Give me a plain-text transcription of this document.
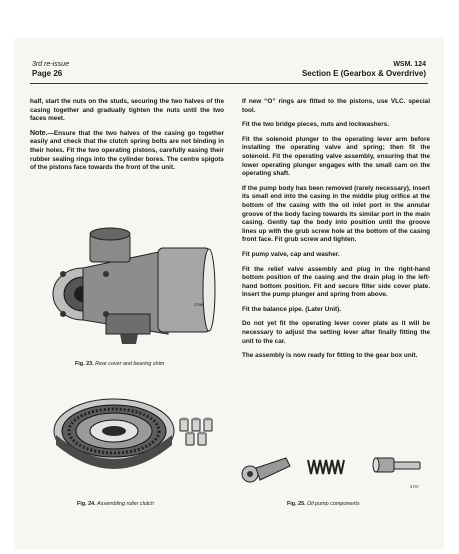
3rd re-issue
Page 26
WSM. 124
Section E (Gearbox & Overdrive)

half, start the nuts on the studs, securing the two halves of the casing together and gradually tighten the nuts until the two faces meet.

Note.—Ensure that the two halves of the casing go together easily and check that the clutch spring bolts are not binding in their holes. Fit the two operating pistons, carefully easing their rubber sealing rings into the cylinder bores. The centre spigots of the pistons face towards the front of the unit.

If new “O” rings are fitted to the pistons, use VLC. special tool.

Fit the two bridge pieces, nuts and lockwashers.

Fit the solenoid plunger to the operating lever arm before installing the operating valve and spring; then fit the solenoid. Fit the operating valve assembly, ensuring that the lower operating plunger engages with the small cam on the operating shaft.

If the pump body has been removed (rarely necessary), insert its small end into the casing in the middle plug orifice at the bottom of the casing with the oil inlet port in the annular groove of the body facing towards its similar port in the main casing. Gently tap the body into position until the groove lines up with the grub screw hole at the bottom of the casing front face. Fit grub screw and tighten.

Fit pump valve, cap and washer.

Fit the relief valve assembly and plug in the right-hand bottom position of the casing and the drain plug in the left-hand bottom position. Fit and secure filter side cover plate. Insert the pump plunger and spring from above.

Fit the balance pipe. (Later Unit).

Do not yet fit the operating lever cover plate as it will be necessary to adjust the setting lever after finally fitting the unit to the car.

The assembly is now ready for fitting to the gear box unit.

2798
Fig. 23. Rear cover and bearing shim
Fig. 24. Assembling roller clutch
3797
Fig. 25. Oil pump components
